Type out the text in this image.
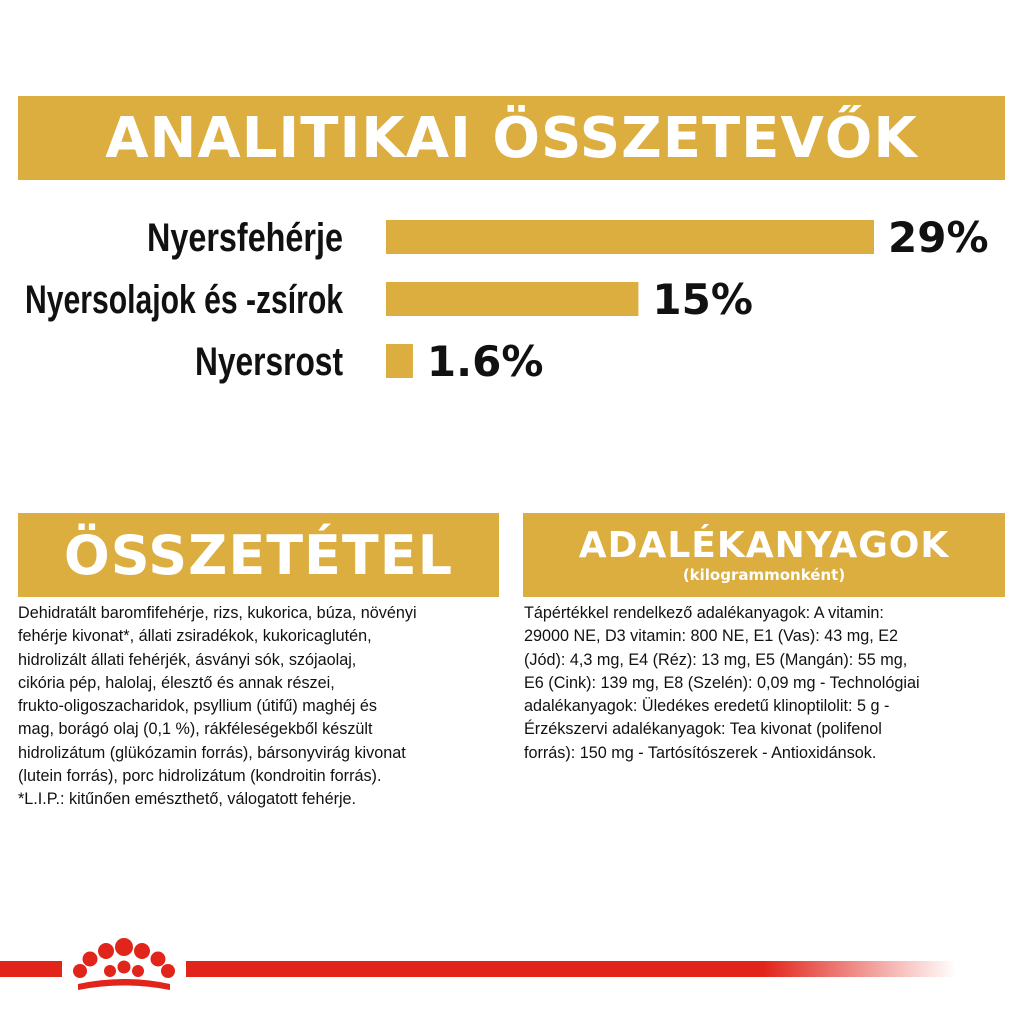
ANALITIKAI ÖSSZETEVŐK
Nyersfehérje	29%
Nyersolajok és -zsírok	15%
Nyersrost 1.6%
ÖSSZETÉTEL	ADALÉKANYAGOK
(kilogrammonként)
Dehidratált baromfifehérje, rizs, kukorica, búza, növényi
fehérje kivonat*, állati zsiradékok, kukoricaglutén,
hidrolizált állati fehérjék, ásványi sók, szójaolaj,
cikória pép, halolaj, élesztő és annak részei,
frukto-oligoszacharidok, psyllium (útifű) maghéj és
mag, borágó olaj (0,1 %), rákféleségekből készült
hidrolizátum (glükózamin forrás), bársonyvirág kivonat
(lutein forrás), porc hidrolizátum (kondroitin forrás).
*L.I.P.: kitűnően emészthető, válogatott fehérje.
Tápértékkel rendelkező adalékanyagok: A vitamin:
29000 NE, D3 vitamin: 800 NE, E1 (Vas): 43 mg, E2
(Jód): 4,3 mg, E4 (Réz): 13 mg, E5 (Mangán): 55 mg,
E6 (Cink): 139 mg, E8 (Szelén): 0,09 mg - Technológiai
adalékanyagok: Üledékes eredetű klinoptilolit: 5 g -
Érzékszervi adalékanyagok: Tea kivonat (polifenol
forrás): 150 mg - Tartósítószerek - Antioxidánsok.
